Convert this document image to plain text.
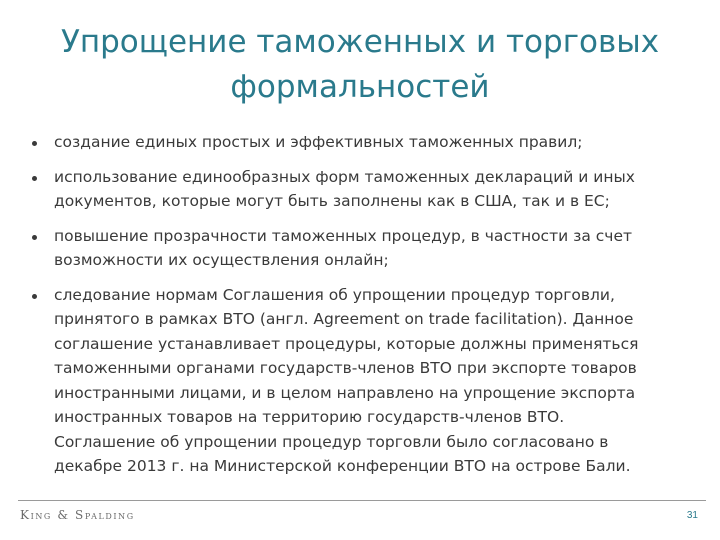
Упрощение таможенных и торговых формальностей
создание единых простых и эффективных таможенных правил;
использование единообразных форм таможенных деклараций и иных документов, которые могут быть заполнены как в США, так и в ЕС;
повышение прозрачности таможенных процедур, в частности за счет возможности их осуществления онлайн;
следование нормам Соглашения об упрощении процедур торговли, принятого в рамках ВТО (англ. Agreement on trade facilitation). Данное соглашение устанавливает процедуры, которые должны применяться таможенными органами государств-членов ВТО при экспорте товаров иностранными лицами, и в целом направлено на упрощение экспорта иностранных товаров на территорию государств-членов ВТО. Соглашение об упрощении процедур торговли было согласовано в декабре 2013 г. на Министерской конференции ВТО на острове Бали.
King & Spalding	31
